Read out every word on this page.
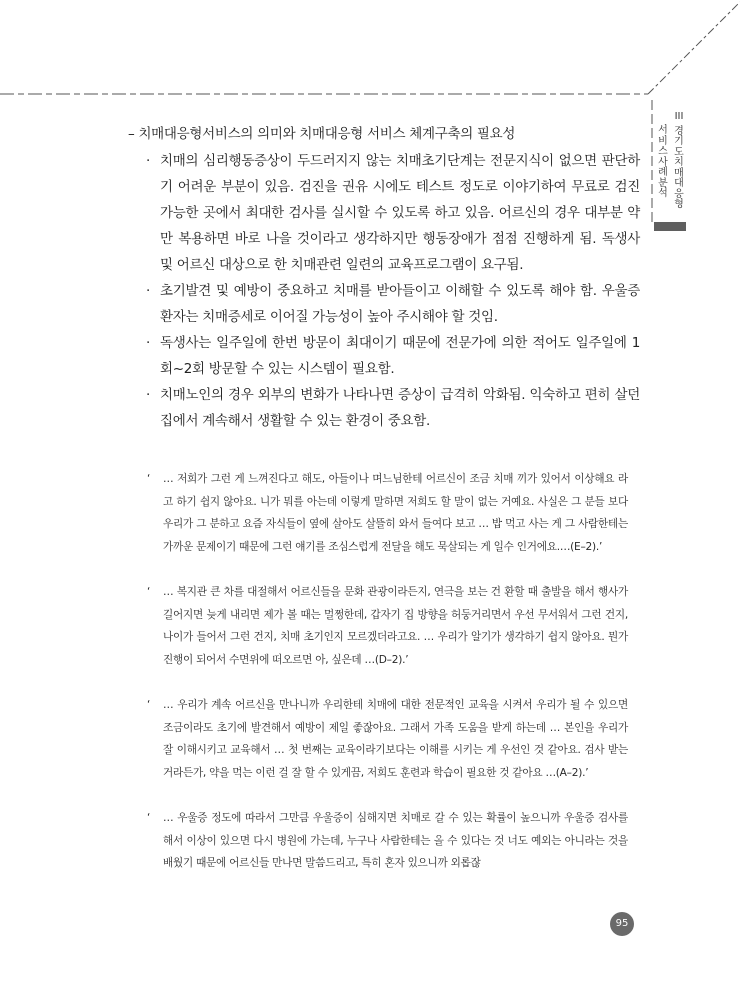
III
경기도 치매대응형
서비스 사례분석
– 치매대응형서비스의 의미와 치매대응형 서비스 체계구축의 필요성
· 치매의 심리행동증상이 두드러지지 않는 치매초기단계는 전문지식이 없으면 판단하기 어려운 부분이 있음. 검진을 권유 시에도 테스트 정도로 이야기하여 무료로 검진 가능한 곳에서 최대한 검사를 실시할 수 있도록 하고 있음. 어르신의 경우 대부분 약만 복용하면 바로 나을 것이라고 생각하지만 행동장애가 점점 진행하게 됨. 독생사 및 어르신 대상으로 한 치매관련 일련의 교육프로그램이 요구됨.
· 초기발견 및 예방이 중요하고 치매를 받아들이고 이해할 수 있도록 해야 함. 우울증 환자는 치매증세로 이어질 가능성이 높아 주시해야 할 것임.
· 독생사는 일주일에 한번 방문이 최대이기 때문에 전문가에 의한 적어도 일주일에 1회~2회 방문할 수 있는 시스템이 필요함.
· 치매노인의 경우 외부의 변화가 나타나면 증상이 급격히 악화됨. 익숙하고 편히 살던 집에서 계속해서 생활할 수 있는 환경이 중요함.
‘ … 저희가 그런 게 느껴진다고 해도, 아들이나 며느님한테 어르신이 조금 치매 끼가 있어서 이상해요 라고 하기 쉽지 않아요. 니가 뭐를 아는데 이렇게 말하면 저희도 할 말이 없는 거예요. 사실은 그 분들 보다 우리가 그 분하고 요즘 자식들이 옆에 살아도 살뜰히 와서 들여다 보고 … 밥 먹고 사는 게 그 사람한테는 가까운 문제이기 때문에 그런 얘기를 조심스럽게 전달을 해도 묵살되는 게 일수 인거에요.…(E–2).’
‘ … 복지관 큰 차를 대절해서 어르신들을 문화 관광이라든지, 연극을 보는 건 환할 때 출발을 해서 행사가 길어지면 늦게 내리면 제가 볼 때는 멀쩡한데, 갑자기 집 방향을 허둥거리면서 우선 무서워서 그런 건지, 나이가 들어서 그런 건지, 치매 초기인지 모르겠더라고요. … 우리가 알기가 생각하기 쉽지 않아요. 뭔가 진행이 되어서 수면위에 떠오르면 아, 싶은데 …(D–2).’
‘ … 우리가 계속 어르신을 만나니까 우리한테 치매에 대한 전문적인 교육을 시켜서 우리가 될 수 있으면 조금이라도 초기에 발견해서 예방이 제일 좋잖아요. 그래서 가족 도움을 받게 하는데 … 본인을 우리가 잘 이해시키고 교육해서 … 첫 번째는 교육이라기보다는 이해를 시키는 게 우선인 것 같아요. 검사 받는 거라든가, 약을 먹는 이런 걸 잘 할 수 있게끔, 저희도 훈련과 학습이 필요한 것 같아요 …(A–2).’
‘ … 우울증 정도에 따라서 그만큼 우울증이 심해지면 치매로 갈 수 있는 확률이 높으니까 우울증 검사를 해서 이상이 있으면 다시 병원에 가는데, 누구나 사람한테는 올 수 있다는 것 너도 예외는 아니라는 것을 배웠기 때문에 어르신들 만나면 말씀드리고, 특히 혼자 있으니까 외롭잖
95
